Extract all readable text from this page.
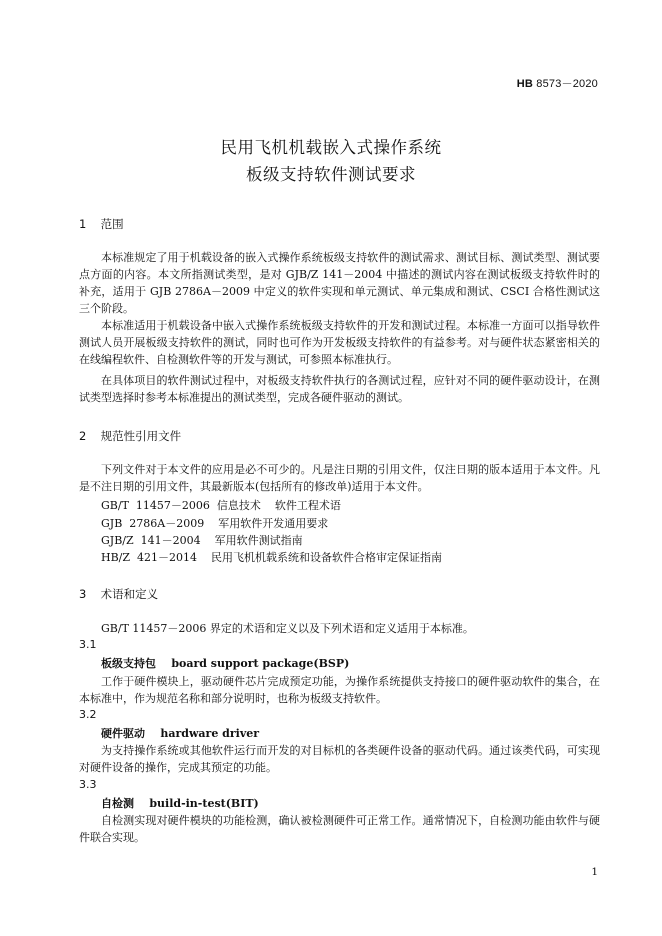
HB 8573－2020
民用飞机机载嵌入式操作系统
板级支持软件测试要求
1 范围
本标准规定了用于机载设备的嵌入式操作系统板级支持软件的测试需求、测试目标、测试类型、测试要点方面的内容。本文所指测试类型，是对 GJB/Z 141－2004 中描述的测试内容在测试板级支持软件时的补充，适用于 GJB 2786A－2009 中定义的软件实现和单元测试、单元集成和测试、CSCI 合格性测试这三个阶段。
本标准适用于机载设备中嵌入式操作系统板级支持软件的开发和测试过程。本标准一方面可以指导软件测试人员开展板级支持软件的测试，同时也可作为开发板级支持软件的有益参考。对与硬件状态紧密相关的在线编程软件、自检测软件等的开发与测试，可参照本标准执行。
在具体项目的软件测试过程中，对板级支持软件执行的各测试过程，应针对不同的硬件驱动设计，在测试类型选择时参考本标准提出的测试类型，完成各硬件驱动的测试。
2 规范性引用文件
下列文件对于本文件的应用是必不可少的。凡是注日期的引用文件，仅注日期的版本适用于本文件。凡是不注日期的引用文件，其最新版本(包括所有的修改单)适用于本文件。
GB/T  11457－2006  信息技术    软件工程术语
GJB  2786A－2009    军用软件开发通用要求
GJB/Z  141－2004    军用软件测试指南
HB/Z  421－2014    民用飞机机载系统和设备软件合格审定保证指南
3 术语和定义
GB/T 11457－2006 界定的术语和定义以及下列术语和定义适用于本标准。
3.1
板级支持包 board support package(BSP)
工作于硬件模块上，驱动硬件芯片完成预定功能，为操作系统提供支持接口的硬件驱动软件的集合，在本标准中，作为规范名称和部分说明时，也称为板级支持软件。
3.2
硬件驱动 hardware driver
为支持操作系统或其他软件运行而开发的对目标机的各类硬件设备的驱动代码。通过该类代码，可实现对硬件设备的操作，完成其预定的功能。
3.3
自检测 build-in-test(BIT)
自检测实现对硬件模块的功能检测，确认被检测硬件可正常工作。通常情况下，自检测功能由软件与硬件联合实现。
1
